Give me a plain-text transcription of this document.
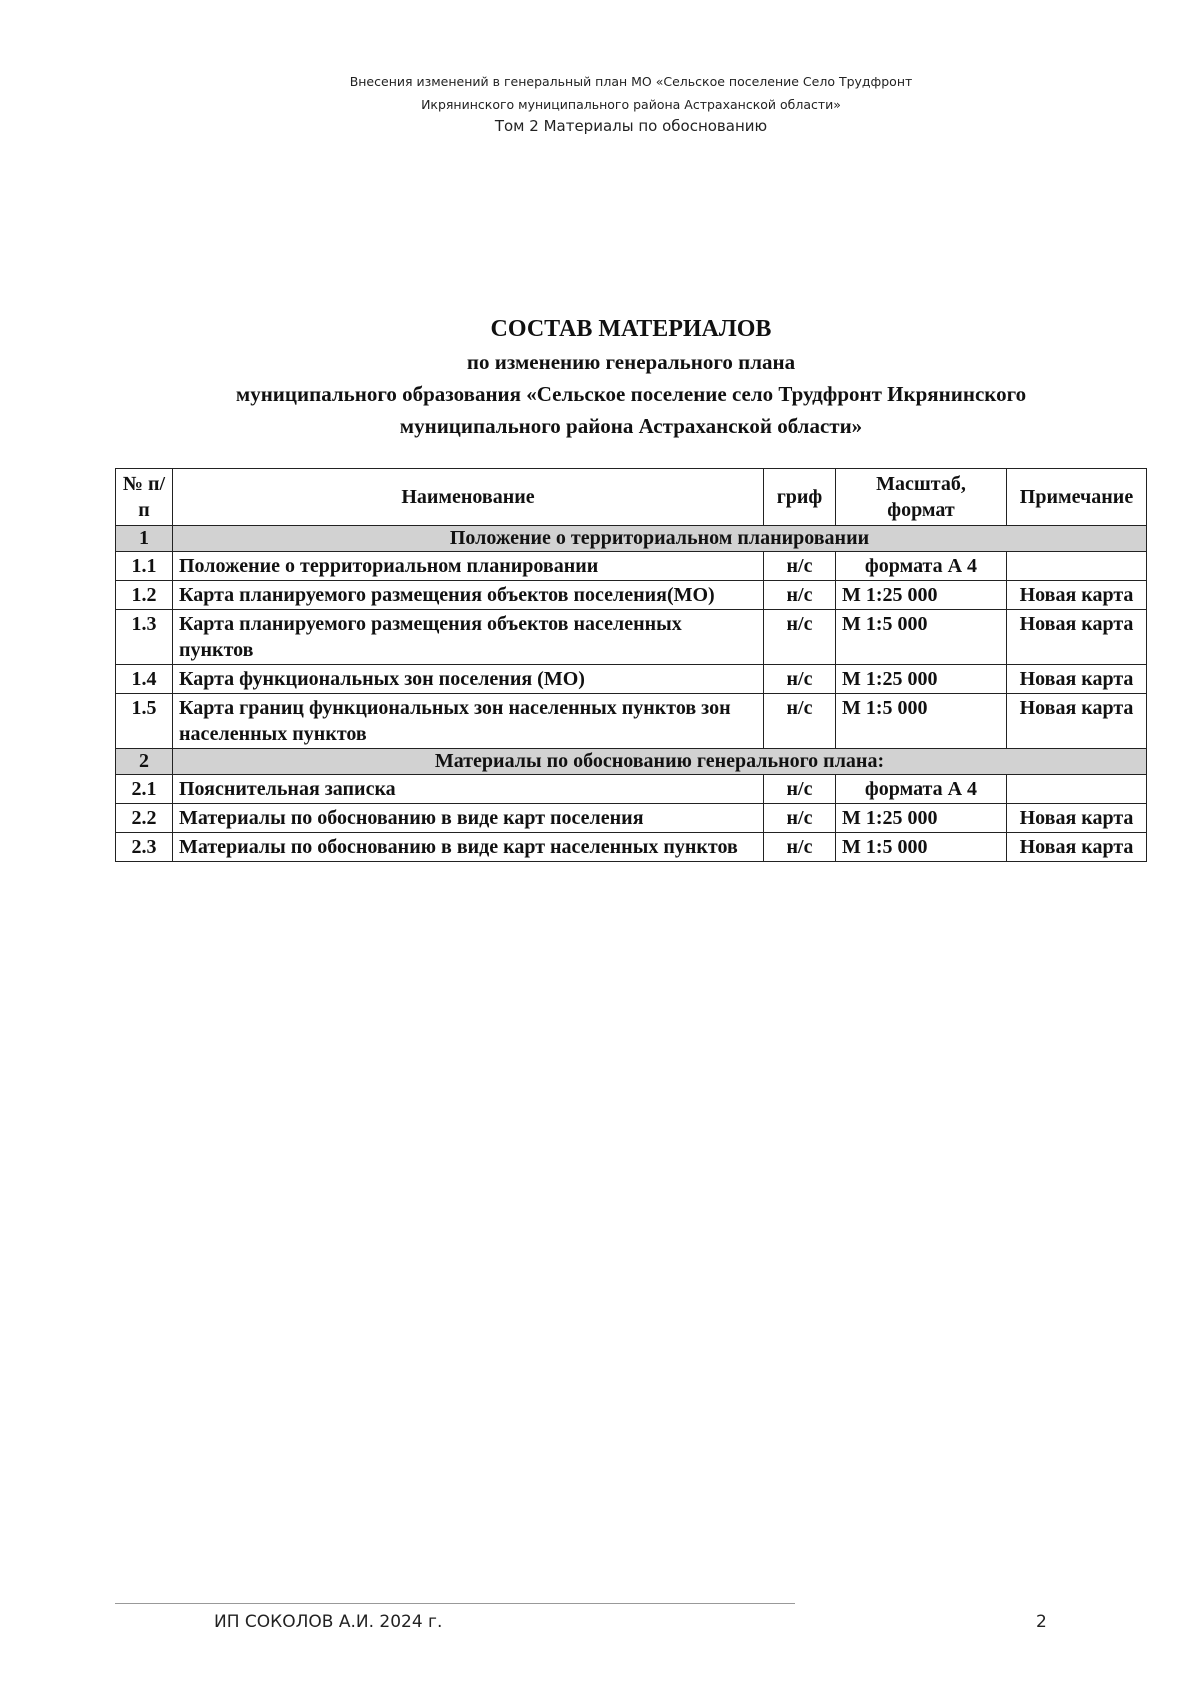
Внесения изменений в генеральный план МО «Сельское поселение Село Трудфронт
Икрянинского муниципального района Астраханской области»
Том 2 Материалы по обоснованию
СОСТАВ МАТЕРИАЛОВ
по изменению генерального плана
муниципального образования «Сельское поселение село Трудфронт Икрянинского
муниципального района Астраханской области»
№ п/п	Наименование	гриф	Масштаб, формат	Примечание
1	Положение о территориальном планировании			
1.1	Положение о территориальном планировании	н/с	формата А 4	
1.2	Карта планируемого размещения объектов поселения(МО)	н/с	М 1:25 000	Новая карта
1.3	Карта планируемого размещения объектов населенных пунктов	н/с	М 1:5 000	Новая карта
1.4	Карта функциональных зон поселения (МО)	н/с	М 1:25 000	Новая карта
1.5	Карта границ функциональных зон населенных пунктов зон населенных пунктов	н/с	М 1:5 000	Новая карта
2	Материалы по обоснованию генерального плана:			
2.1	Пояснительная записка	н/с	формата А 4	
2.2	Материалы по обоснованию в виде карт поселения	н/с	М 1:25 000	Новая карта
2.3	Материалы по обоснованию в виде карт населенных пунктов	н/с	М 1:5 000	Новая карта
ИП СОКОЛОВ А.И. 2024 г.	2
